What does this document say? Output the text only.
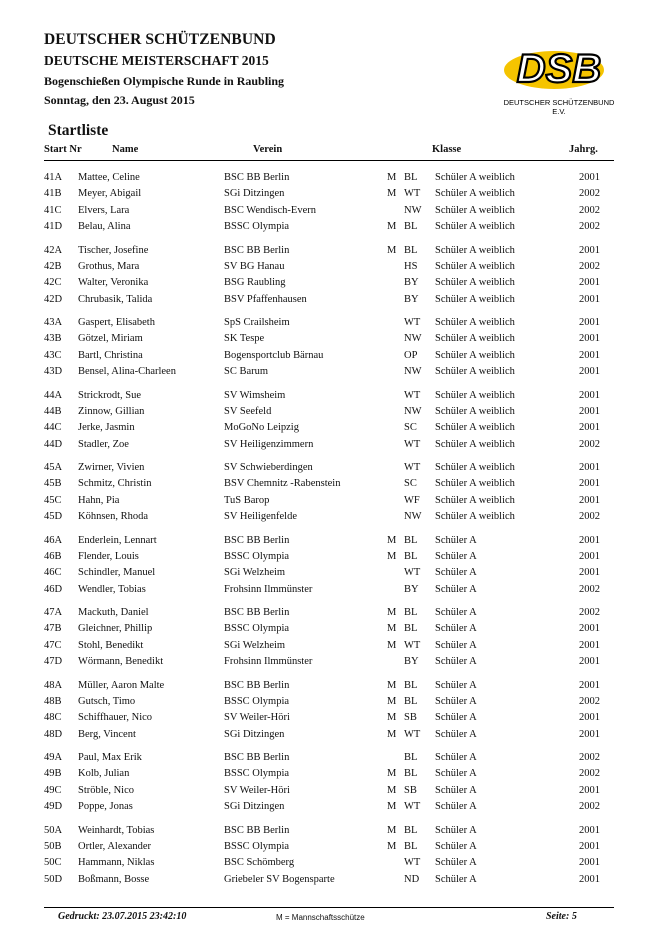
DEUTSCHER SCHÜTZENBUND
DEUTSCHE MEISTERSCHAFT 2015
Bogenschießen Olympische Runde in Raubling
Sonntag, den 23. August 2015
DSB
DEUTSCHER SCHÜTZENBUND E.V.
Startliste
Start Nr	Name	Verein	Klasse	Jahrg.
41A Mattee, Celine	BSC BB Berlin	M BL Schüler A weiblich	2001
41B Meyer, Abigail	SGi Ditzingen	M WT Schüler A weiblich	2002
41C Elvers, Lara	BSC Wendisch-Evern	NW Schüler A weiblich	2002
41D Belau, Alina	BSSC Olympia	M BL Schüler A weiblich	2002
42A Tischer, Josefine	BSC BB Berlin	M BL Schüler A weiblich	2001
42B Grothus, Mara	SV BG Hanau	HS Schüler A weiblich	2002
42C Walter, Veronika	BSG Raubling	BY Schüler A weiblich	2001
42D Chrubasik, Talida	BSV Pfaffenhausen	BY Schüler A weiblich	2001
43A Gaspert, Elisabeth	SpS Crailsheim	WT Schüler A weiblich	2001
43B Götzel, Miriam	SK Tespe	NW Schüler A weiblich	2001
43C Bartl, Christina	Bogensportclub Bärnau	OP Schüler A weiblich	2001
43D Bensel, Alina-Charleen	SC Barum	NW Schüler A weiblich	2001
44A Strickrodt, Sue	SV Wimsheim	WT Schüler A weiblich	2001
44B Zinnow, Gillian	SV Seefeld	NW Schüler A weiblich	2001
44C Jerke, Jasmin	MoGoNo Leipzig	SC Schüler A weiblich	2001
44D Stadler, Zoe	SV Heiligenzimmern	WT Schüler A weiblich	2002
45A Zwirner, Vivien	SV Schwieberdingen	WT Schüler A weiblich	2001
45B Schmitz, Christin	BSV Chemnitz -Rabenstein	SC Schüler A weiblich	2001
45C Hahn, Pia	TuS Barop	WF Schüler A weiblich	2001
45D Köhnsen, Rhoda	SV Heiligenfelde	NW Schüler A weiblich	2002
46A Enderlein, Lennart	BSC BB Berlin	M BL Schüler A	2001
46B Flender, Louis	BSSC Olympia	M BL Schüler A	2001
46C Schindler, Manuel	SGi Welzheim	WT Schüler A	2001
46D Wendler, Tobias	Frohsinn Ilmmünster	BY Schüler A	2002
47A Mackuth, Daniel	BSC BB Berlin	M BL Schüler A	2002
47B Gleichner, Phillip	BSSC Olympia	M BL Schüler A	2001
47C Stohl, Benedikt	SGi Welzheim	M WT Schüler A	2001
47D Wörmann, Benedikt	Frohsinn Ilmmünster	BY Schüler A	2001
48A Müller, Aaron Malte	BSC BB Berlin	M BL Schüler A	2001
48B Gutsch, Timo	BSSC Olympia	M BL Schüler A	2002
48C Schiffhauer, Nico	SV Weiler-Höri	M SB Schüler A	2001
48D Berg, Vincent	SGi Ditzingen	M WT Schüler A	2001
49A Paul, Max Erik	BSC BB Berlin	BL Schüler A	2002
49B Kolb, Julian	BSSC Olympia	M BL Schüler A	2002
49C Ströble, Nico	SV Weiler-Höri	M SB Schüler A	2001
49D Poppe, Jonas	SGi Ditzingen	M WT Schüler A	2002
50A Weinhardt, Tobias	BSC BB Berlin	M BL Schüler A	2001
50B Ortler, Alexander	BSSC Olympia	M BL Schüler A	2001
50C Hammann, Niklas	BSC Schömberg	WT Schüler A	2001
50D Boßmann, Bosse	Griebeler SV Bogensparte	ND Schüler A	2001
Gedruckt: 23.07.2015 23:42:10	M = Mannschaftsschütze	Seite: 5
